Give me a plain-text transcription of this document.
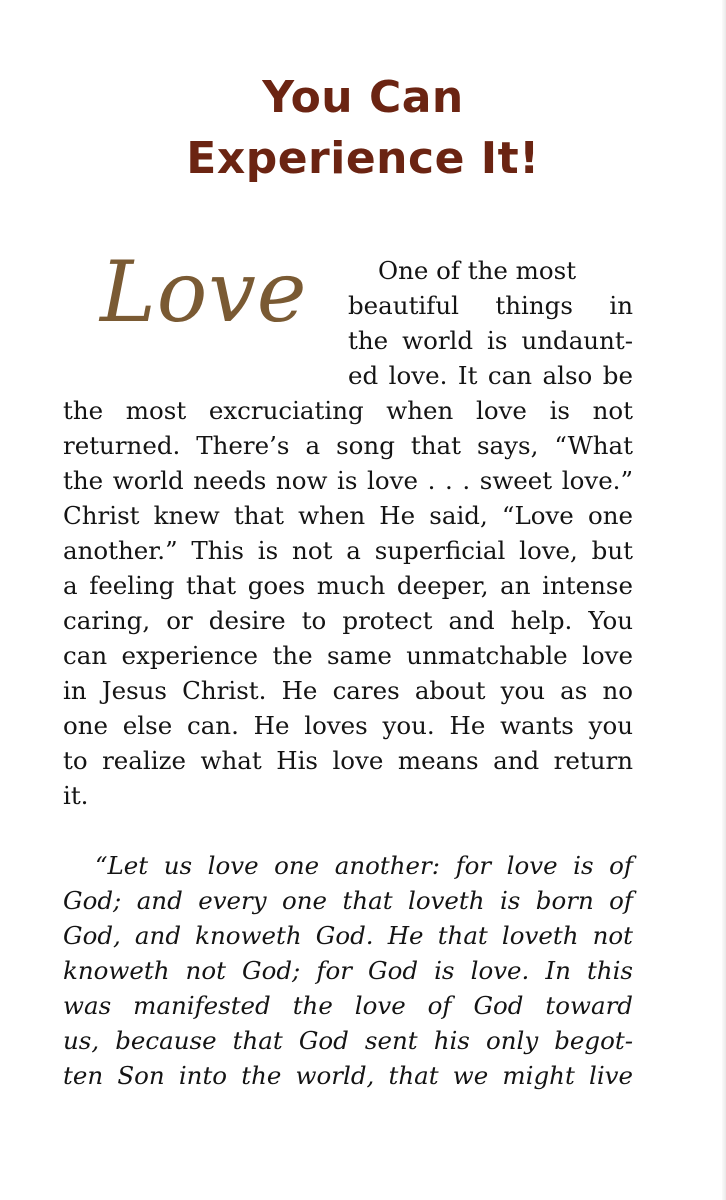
You Can
Experience It!
Love	One of the most
beautiful things in
the world is undaunt-
ed love. It can also be
the most excruciating when love is not
returned. There’s a song that says, “What
the world needs now is love . . . sweet love.”
Christ knew that when He said, “Love one
another.” This is not a superficial love, but
a feeling that goes much deeper, an intense
caring, or desire to protect and help. You
can experience the same unmatchable love
in Jesus Christ. He cares about you as no
one else can. He loves you. He wants you
to realize what His love means and return
it.
“Let us love one another: for love is of
God; and every one that loveth is born of
God, and knoweth God. He that loveth not
knoweth not God; for God is love. In this
was manifested the love of God toward
us, because that God sent his only begot-
ten Son into the world, that we might live
